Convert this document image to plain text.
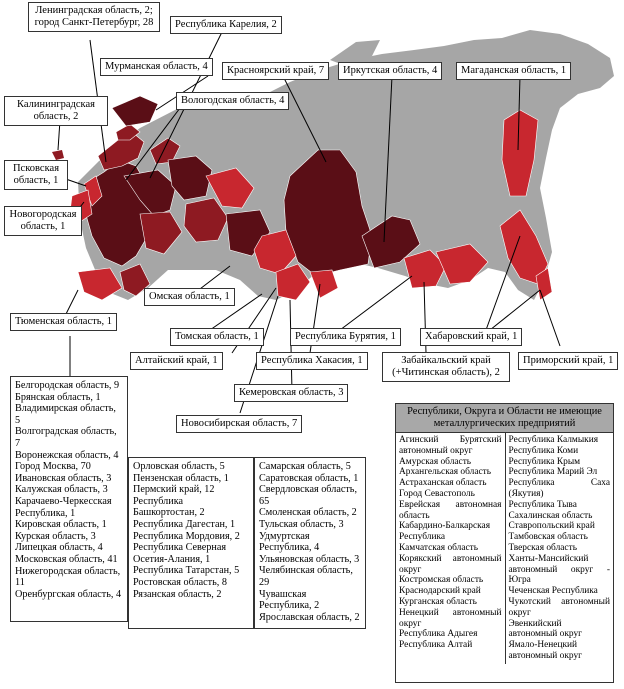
Ленинградская область, 2;
город Санкт-Петербург, 28	Республика Карелия, 2
Мурманская область, 4	Красноярский край, 7	Иркутская область, 4	Магаданская область, 1
Калининградская
область, 2
Вологодская область, 4
Псковская
область, 1
Новогородская
область, 1
Омская область, 1
Тюменская область, 1
Томская область, 1	Республика Бурятия, 1	Хабаровский край, 1
Алтайский край, 1	Республика Хакасия, 1	Забайкальский край
(+Читинская область), 2
Приморский край, 1
Кемеровская область, 3
Новосибирская область, 7
Белгородская область, 9
Брянская область, 1
Владимирская область, 5
Волгоградская область, 7
Воронежская область, 4
Город Москва, 70
Ивановская область, 3
Калужская область, 3
Карачаево-Черкесская Республика, 1
Кировская область, 1
Курская область, 3
Липецкая область, 4
Московская область, 41
Нижегородская область, 11
Оренбургская область, 4
Орловская область, 5
Пензенская область, 1
Пермский край, 12
Республика Башкортостан, 2
Республика Дагестан, 1
Республика Мордовия, 2
Республика Северная Осетия-Алания, 1
Республика Татарстан, 5
Ростовская область, 8
Рязанская область, 2
Самарская область, 5
Саратовская область, 1
Свердловская область, 65
Смоленская область, 2
Тульская область, 3
Удмуртская Республика, 4
Ульяновская область, 3
Челябинская область, 29
Чувашская Республика, 2
Ярославская область, 2
Республики, Округа и Области не имеющие металлургических предприятий
Агинский Бурятский автономный округ
Амурская область
Архангельская область
Астраханская область
Город Севастополь
Еврейская автономная область
Кабардино-Балкарская Республика
Камчатская область
Корякский автономный округ
Костромская область
Краснодарский край
Курганская область
Ненецкий автономный округ
Республика Адыгея
Республика Алтай
Республика Калмыкия
Республика Коми
Республика Крым
Республика Марий Эл
Республика Саха (Якутия)
Республика Тыва
Сахалинская область
Ставропольский край
Тамбовская область
Тверская область
Ханты-Мансийский автономный округ - Югра
Чеченская Республика
Чукотский автономный округ
Эвенкийский автономный округ
Ямало-Ненецкий автономный округ
